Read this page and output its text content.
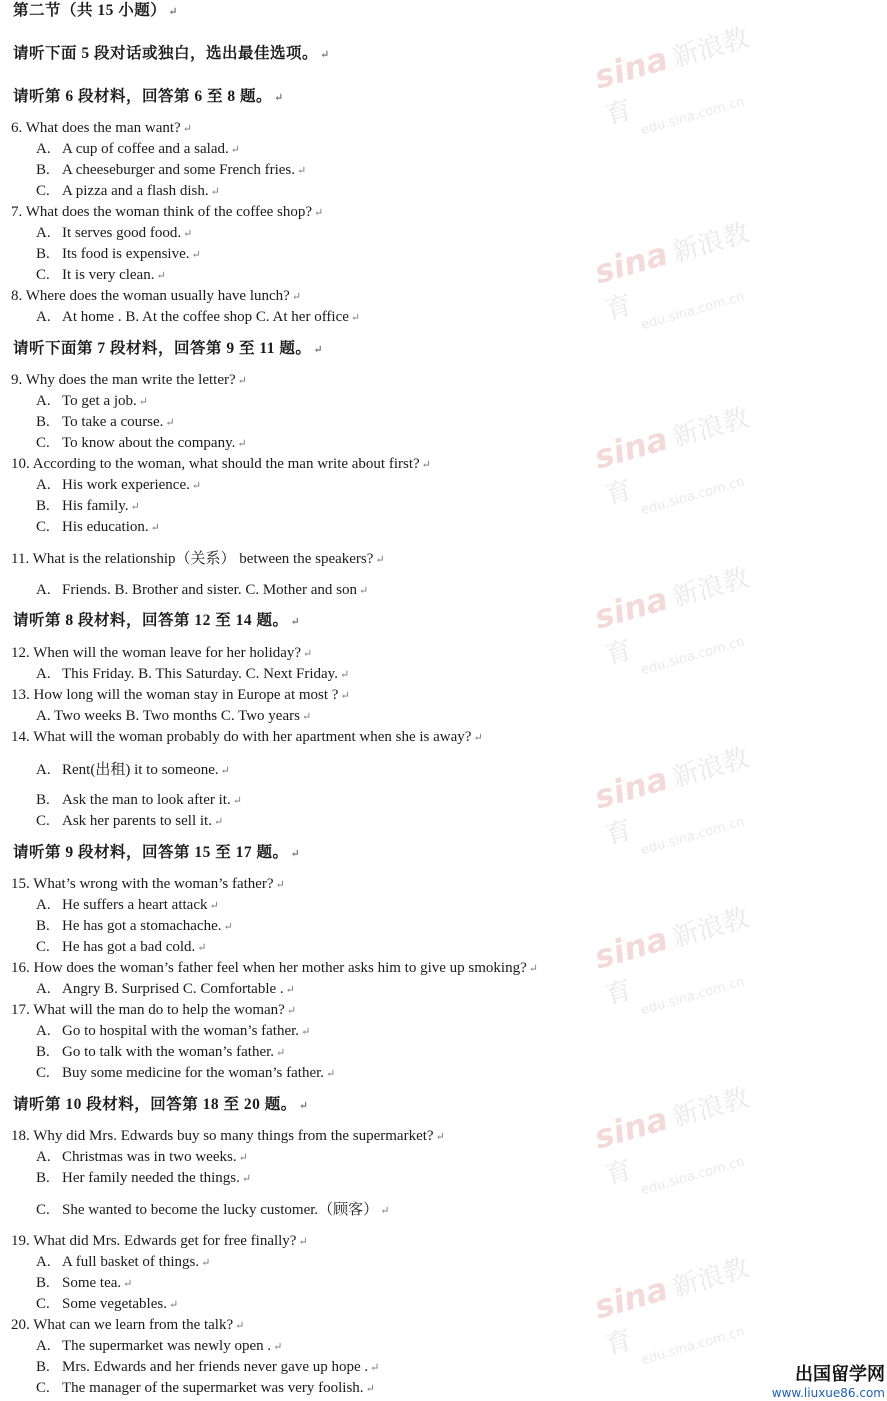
第二节（共 15 小题） ↵
请听下面 5 段对话或独白，选出最佳选项。 ↵
请听第 6 段材料，回答第 6 至 8 题。 ↵
6. What does the man want? ↵
A. A cup of coffee and a salad. ↵
B. A cheeseburger and some French fries. ↵
C. A pizza and a flash dish. ↵
7. What does the woman think of the coffee shop? ↵
A. It serves good food. ↵
B. Its food is expensive. ↵
C. It is very clean. ↵
8. Where does the woman usually have lunch? ↵
A. At home . B. At the coffee shop C. At her office ↵
请听下面第 7 段材料，回答第 9 至 11 题。 ↵
9. Why does the man write the letter? ↵
A. To get a job. ↵
B. To take a course. ↵
C. To know about the company. ↵
10. According to the woman, what should the man write about first? ↵
A. His work experience. ↵
B. His family. ↵
C. His education. ↵
11. What is the relationship（关系） between the speakers? ↵
A. Friends. B. Brother and sister. C. Mother and son ↵
请听第 8 段材料，回答第 12 至 14 题。 ↵
12. When will the woman leave for her holiday? ↵
A. This Friday. B. This Saturday. C. Next Friday. ↵
13. How long will the woman stay in Europe at most ? ↵
A. Two weeks B. Two months C. Two years ↵
14. What will the woman probably do with her apartment when she is away? ↵
A. Rent(出租) it to someone. ↵
B. Ask the man to look after it. ↵
C. Ask her parents to sell it. ↵
请听第 9 段材料，回答第 15 至 17 题。 ↵
15. What’s wrong with the woman’s father? ↵
A. He suffers a heart attack ↵
B. He has got a stomachache. ↵
C. He has got a bad cold. ↵
16. How does the woman’s father feel when her mother asks him to give up smoking? ↵
A. Angry B. Surprised C. Comfortable . ↵
17. What will the man do to help the woman? ↵
A. Go to hospital with the woman’s father. ↵
B. Go to talk with the woman’s father. ↵
C. Buy some medicine for the woman’s father. ↵
请听第 10 段材料，回答第 18 至 20 题。 ↵
18. Why did Mrs. Edwards buy so many things from the supermarket? ↵
A. Christmas was in two weeks. ↵
B. Her family needed the things. ↵
C. She wanted to become the lucky customer.（顾客） ↵
19. What did Mrs. Edwards get for free finally? ↵
A. A full basket of things. ↵
B. Some tea. ↵
C. Some vegetables. ↵
20. What can we learn from the talk? ↵
A. The supermarket was newly open . ↵
B. Mrs. Edwards and her friends never gave up hope . ↵
C. The manager of the supermarket was very foolish. ↵
sina新浪教育 edu.sina.com.cn
sina新浪教育 edu.sina.com.cn
sina新浪教育 edu.sina.com.cn
sina新浪教育 edu.sina.com.cn
sina新浪教育 edu.sina.com.cn
sina新浪教育 edu.sina.com.cn
sina新浪教育 edu.sina.com.cn
sina新浪教育 edu.sina.com.cn
出国留学网
www.liuxue86.com
